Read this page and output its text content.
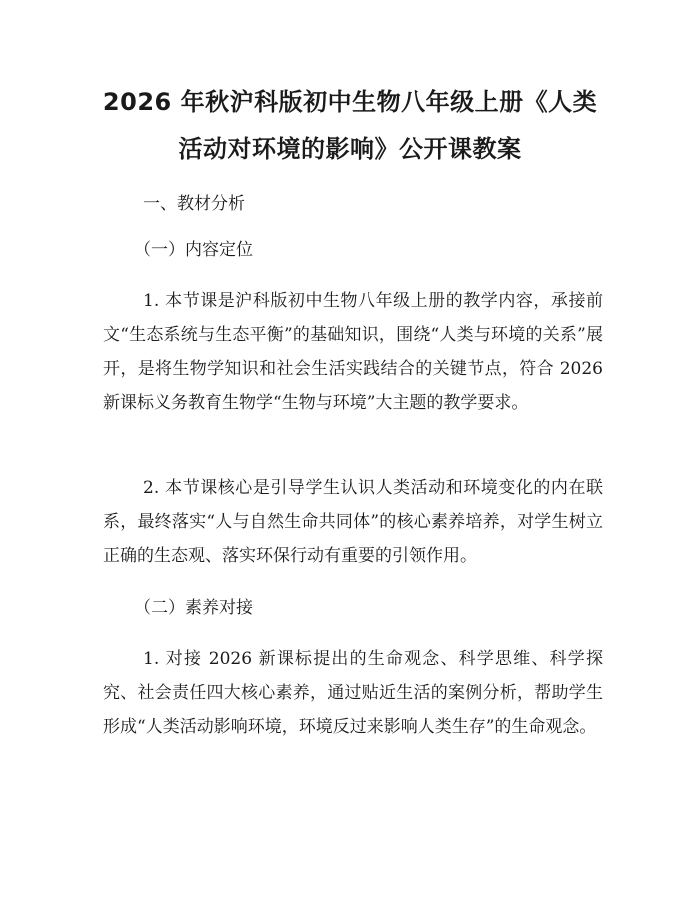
2026 年秋沪科版初中生物八年级上册《人类
活动对环境的影响》公开课教案
一、教材分析
（一）内容定位
1. 本节课是沪科版初中生物八年级上册的教学内容，承接前文“生态系统与生态平衡”的基础知识，围绕“人类与环境的关系”展开，是将生物学知识和社会生活实践结合的关键节点，符合 2026 新课标义务教育生物学“生物与环境”大主题的教学要求。
2. 本节课核心是引导学生认识人类活动和环境变化的内在联系，最终落实“人与自然生命共同体”的核心素养培养，对学生树立正确的生态观、落实环保行动有重要的引领作用。
（二）素养对接
1. 对接 2026 新课标提出的生命观念、科学思维、科学探究、社会责任四大核心素养，通过贴近生活的案例分析，帮助学生形成“人类活动影响环境，环境反过来影响人类生存”的生命观念。
